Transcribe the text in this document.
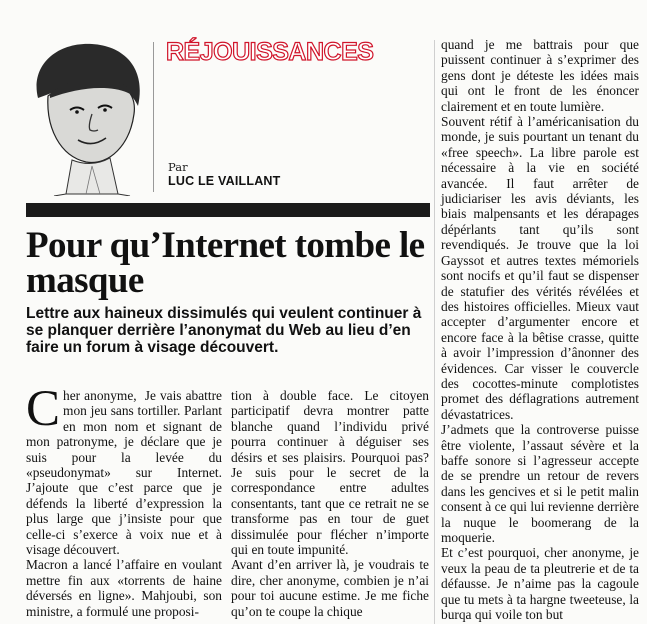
RÉJOUISSANCES
Par
LUC LE VAILLANT
Pour qu’Internet tombe le masque

Lettre aux haineux dissimulés qui veulent continuer à se planquer derrière l’anonymat du Web au lieu d’en faire un forum à visage découvert.

C her anonyme,  Je vais abattre mon jeu sans tortiller. Parlant en mon nom et signant de mon patronyme, je déclare que je suis pour la levée du «pseudonymat» sur Internet. J’ajoute que c’est parce que je défends la liberté d’expression la plus large que j’insiste pour que celle-ci s’exerce à voix nue et à visage découvert.

Macron a lancé l’affaire en voulant mettre fin aux «torrents de haine déversés en ligne». Mahjoubi, son ministre, a formulé une proposi-

tion à double face. Le citoyen participatif devra montrer patte blanche quand l’individu privé pourra continuer à déguiser ses désirs et ses plaisirs. Pourquoi pas? Je suis pour le secret de la correspondance entre adultes consentants, tant que ce retrait ne se transforme pas en tour de guet dissimulée pour flécher n’importe qui en toute impunité.

Avant d’en arriver là, je voudrais te dire, cher anonyme, combien je n’ai pour toi aucune estime. Je me fiche qu’on te coupe la chique

quand je me battrais pour que puissent continuer à s’exprimer des gens dont je déteste les idées mais qui ont le front de les énoncer clairement et en toute lumière.

Souvent rétif à l’américanisation du monde, je suis pourtant un tenant du «free speech». La libre parole est nécessaire à la vie en société avancée. Il faut arrêter de judiciariser les avis déviants, les biais malpensants et les dérapages dépérlants tant qu’ils sont revendiqués. Je trouve que la loi Gayssot et autres textes mémoriels sont nocifs et qu’il faut se dispenser de statufier des vérités révélées et des histoires officielles. Mieux vaut accepter d’argumenter encore et encore face à la bêtise crasse, quitte à avoir l’impression d’ânonner des évidences. Car visser le couvercle des cocottes-minute complotistes promet des déflagrations autrement dévastatrices.

J’admets que la controverse puisse être violente, l’assaut sévère et la baffe sonore si l’agresseur accepte de se prendre un retour de revers dans les gencives et si le petit malin consent à ce qui lui revienne derrière la nuque le boomerang de la moquerie.

Et c’est pourquoi, cher anonyme, je veux la peau de ta pleutrerie et de ta défausse. Je n’aime pas la cagoule que tu mets à ta hargne tweeteuse, la burqa qui voile ton but
